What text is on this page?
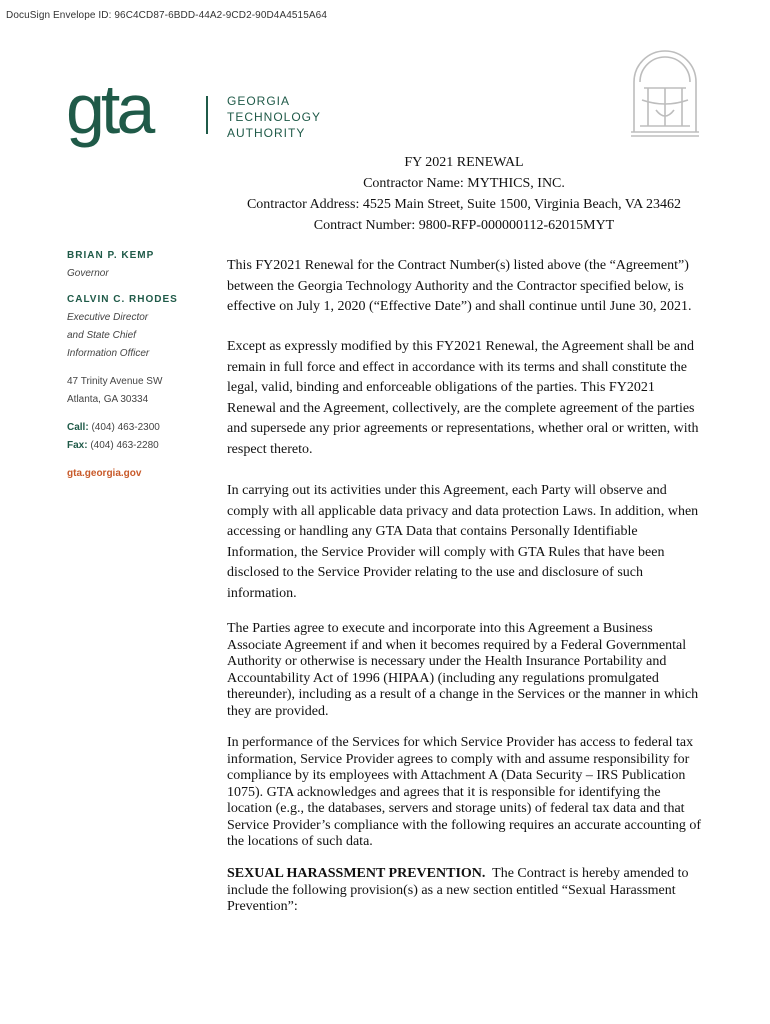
DocuSign Envelope ID: 96C4CD87-6BDD-44A2-9CD2-90D4A4515A64
gta	GEORGIA
TECHNOLOGY
AUTHORITY
FY 2021 RENEWAL
Contractor Name: MYTHICS, INC.
Contractor Address: 4525 Main Street, Suite 1500, Virginia Beach, VA 23462
Contract Number: 9800-RFP-000000112-62015MYT
BRIAN P. KEMP
Governor
CALVIN C. RHODES
Executive Director
and State Chief
Information Officer
47 Trinity Avenue SW
Atlanta, GA 30334
Call: (404) 463-2300
Fax: (404) 463-2280
gta.georgia.gov
This FY2021 Renewal for the Contract Number(s) listed above (the “Agreement”)
between the Georgia Technology Authority and the Contractor specified below, is
effective on July 1, 2020 (“Effective Date”) and shall continue until June 30, 2021.
Except as expressly modified by this FY2021 Renewal, the Agreement shall be and
remain in full force and effect in accordance with its terms and shall constitute the
legal, valid, binding and enforceable obligations of the parties. This FY2021
Renewal and the Agreement, collectively, are the complete agreement of the parties
and supersede any prior agreements or representations, whether oral or written, with
respect thereto.
In carrying out its activities under this Agreement, each Party will observe and
comply with all applicable data privacy and data protection Laws. In addition, when
accessing or handling any GTA Data that contains Personally Identifiable
Information, the Service Provider will comply with GTA Rules that have been
disclosed to the Service Provider relating to the use and disclosure of such
information.
The Parties agree to execute and incorporate into this Agreement a Business
Associate Agreement if and when it becomes required by a Federal Governmental
Authority or otherwise is necessary under the Health Insurance Portability and
Accountability Act of 1996 (HIPAA) (including any regulations promulgated
thereunder), including as a result of a change in the Services or the manner in which
they are provided.
In performance of the Services for which Service Provider has access to federal tax
information, Service Provider agrees to comply with and assume responsibility for
compliance by its employees with Attachment A (Data Security – IRS Publication
1075). GTA acknowledges and agrees that it is responsible for identifying the
location (e.g., the databases, servers and storage units) of federal tax data and that
Service Provider’s compliance with the following requires an accurate accounting of
the locations of such data.
SEXUAL HARASSMENT PREVENTION.  The Contract is hereby amended to
include the following provision(s) as a new section entitled “Sexual Harassment
Prevention”:
